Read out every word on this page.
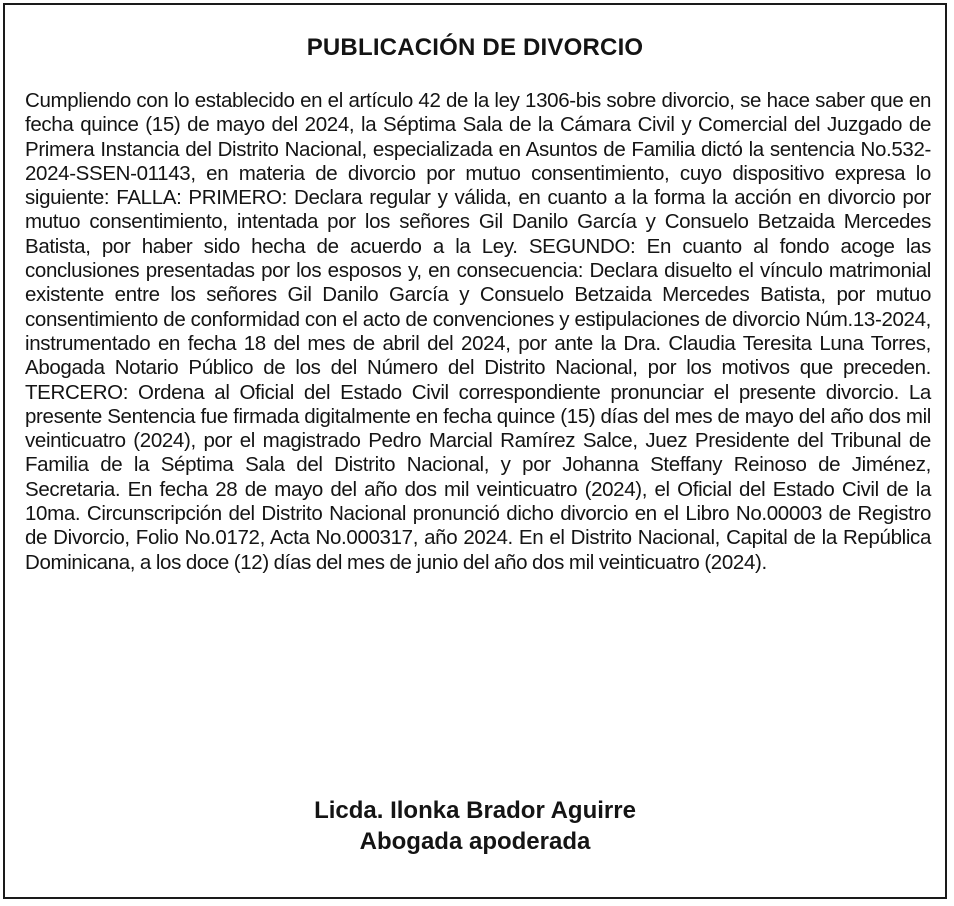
PUBLICACIÓN DE DIVORCIO

Cumpliendo con lo establecido en el artículo 42 de la ley 1306-bis sobre divorcio, se hace saber que en fecha quince (15) de mayo del 2024, la Séptima Sala de la Cámara Civil y Comercial del Juzgado de Primera Instancia del Distrito Nacional, especializada en Asuntos de Familia dictó la sentencia No.532-2024-SSEN-01143, en materia de divorcio por mutuo consentimiento, cuyo dispositivo expresa lo siguiente: FALLA: PRIMERO: Declara regular y válida, en cuanto a la forma la acción en divorcio por mutuo consentimiento, intentada por los señores Gil Danilo García y Consuelo Betzaida Mercedes Batista, por haber sido hecha de acuerdo a la Ley. SEGUNDO: En cuanto al fondo acoge las conclusiones presentadas por los esposos y, en consecuencia: Declara disuelto el vínculo matrimonial existente entre los señores Gil Danilo García y Consuelo Betzaida Mercedes Batista, por mutuo consentimiento de conformidad con el acto de convenciones y estipulaciones de divorcio Núm.13-2024, instrumentado en fecha 18 del mes de abril del 2024, por ante la Dra. Claudia Teresita Luna Torres, Abogada Notario Público de los del Número del Distrito Nacional, por los motivos que preceden. TERCERO: Ordena al Oficial del Estado Civil correspondiente pronunciar el presente divorcio. La presente Sentencia fue firmada digitalmente en fecha quince (15) días del mes de mayo del año dos mil veinticuatro (2024), por el magistrado Pedro Marcial Ramírez Salce, Juez Presidente del Tribunal de Familia de la Séptima Sala del Distrito Nacional, y por Johanna Steffany Reinoso de Jiménez, Secretaria. En fecha 28 de mayo del año dos mil veinticuatro (2024), el Oficial del Estado Civil de la 10ma. Circunscripción del Distrito Nacional pronunció dicho divorcio en el Libro No.00003 de Registro de Divorcio, Folio No.0172, Acta No.000317, año 2024. En el Distrito Nacional, Capital de la República Dominicana, a los doce (12) días del mes de junio del año dos mil veinticuatro (2024).

Licda. Ilonka Brador Aguirre
Abogada apoderada
